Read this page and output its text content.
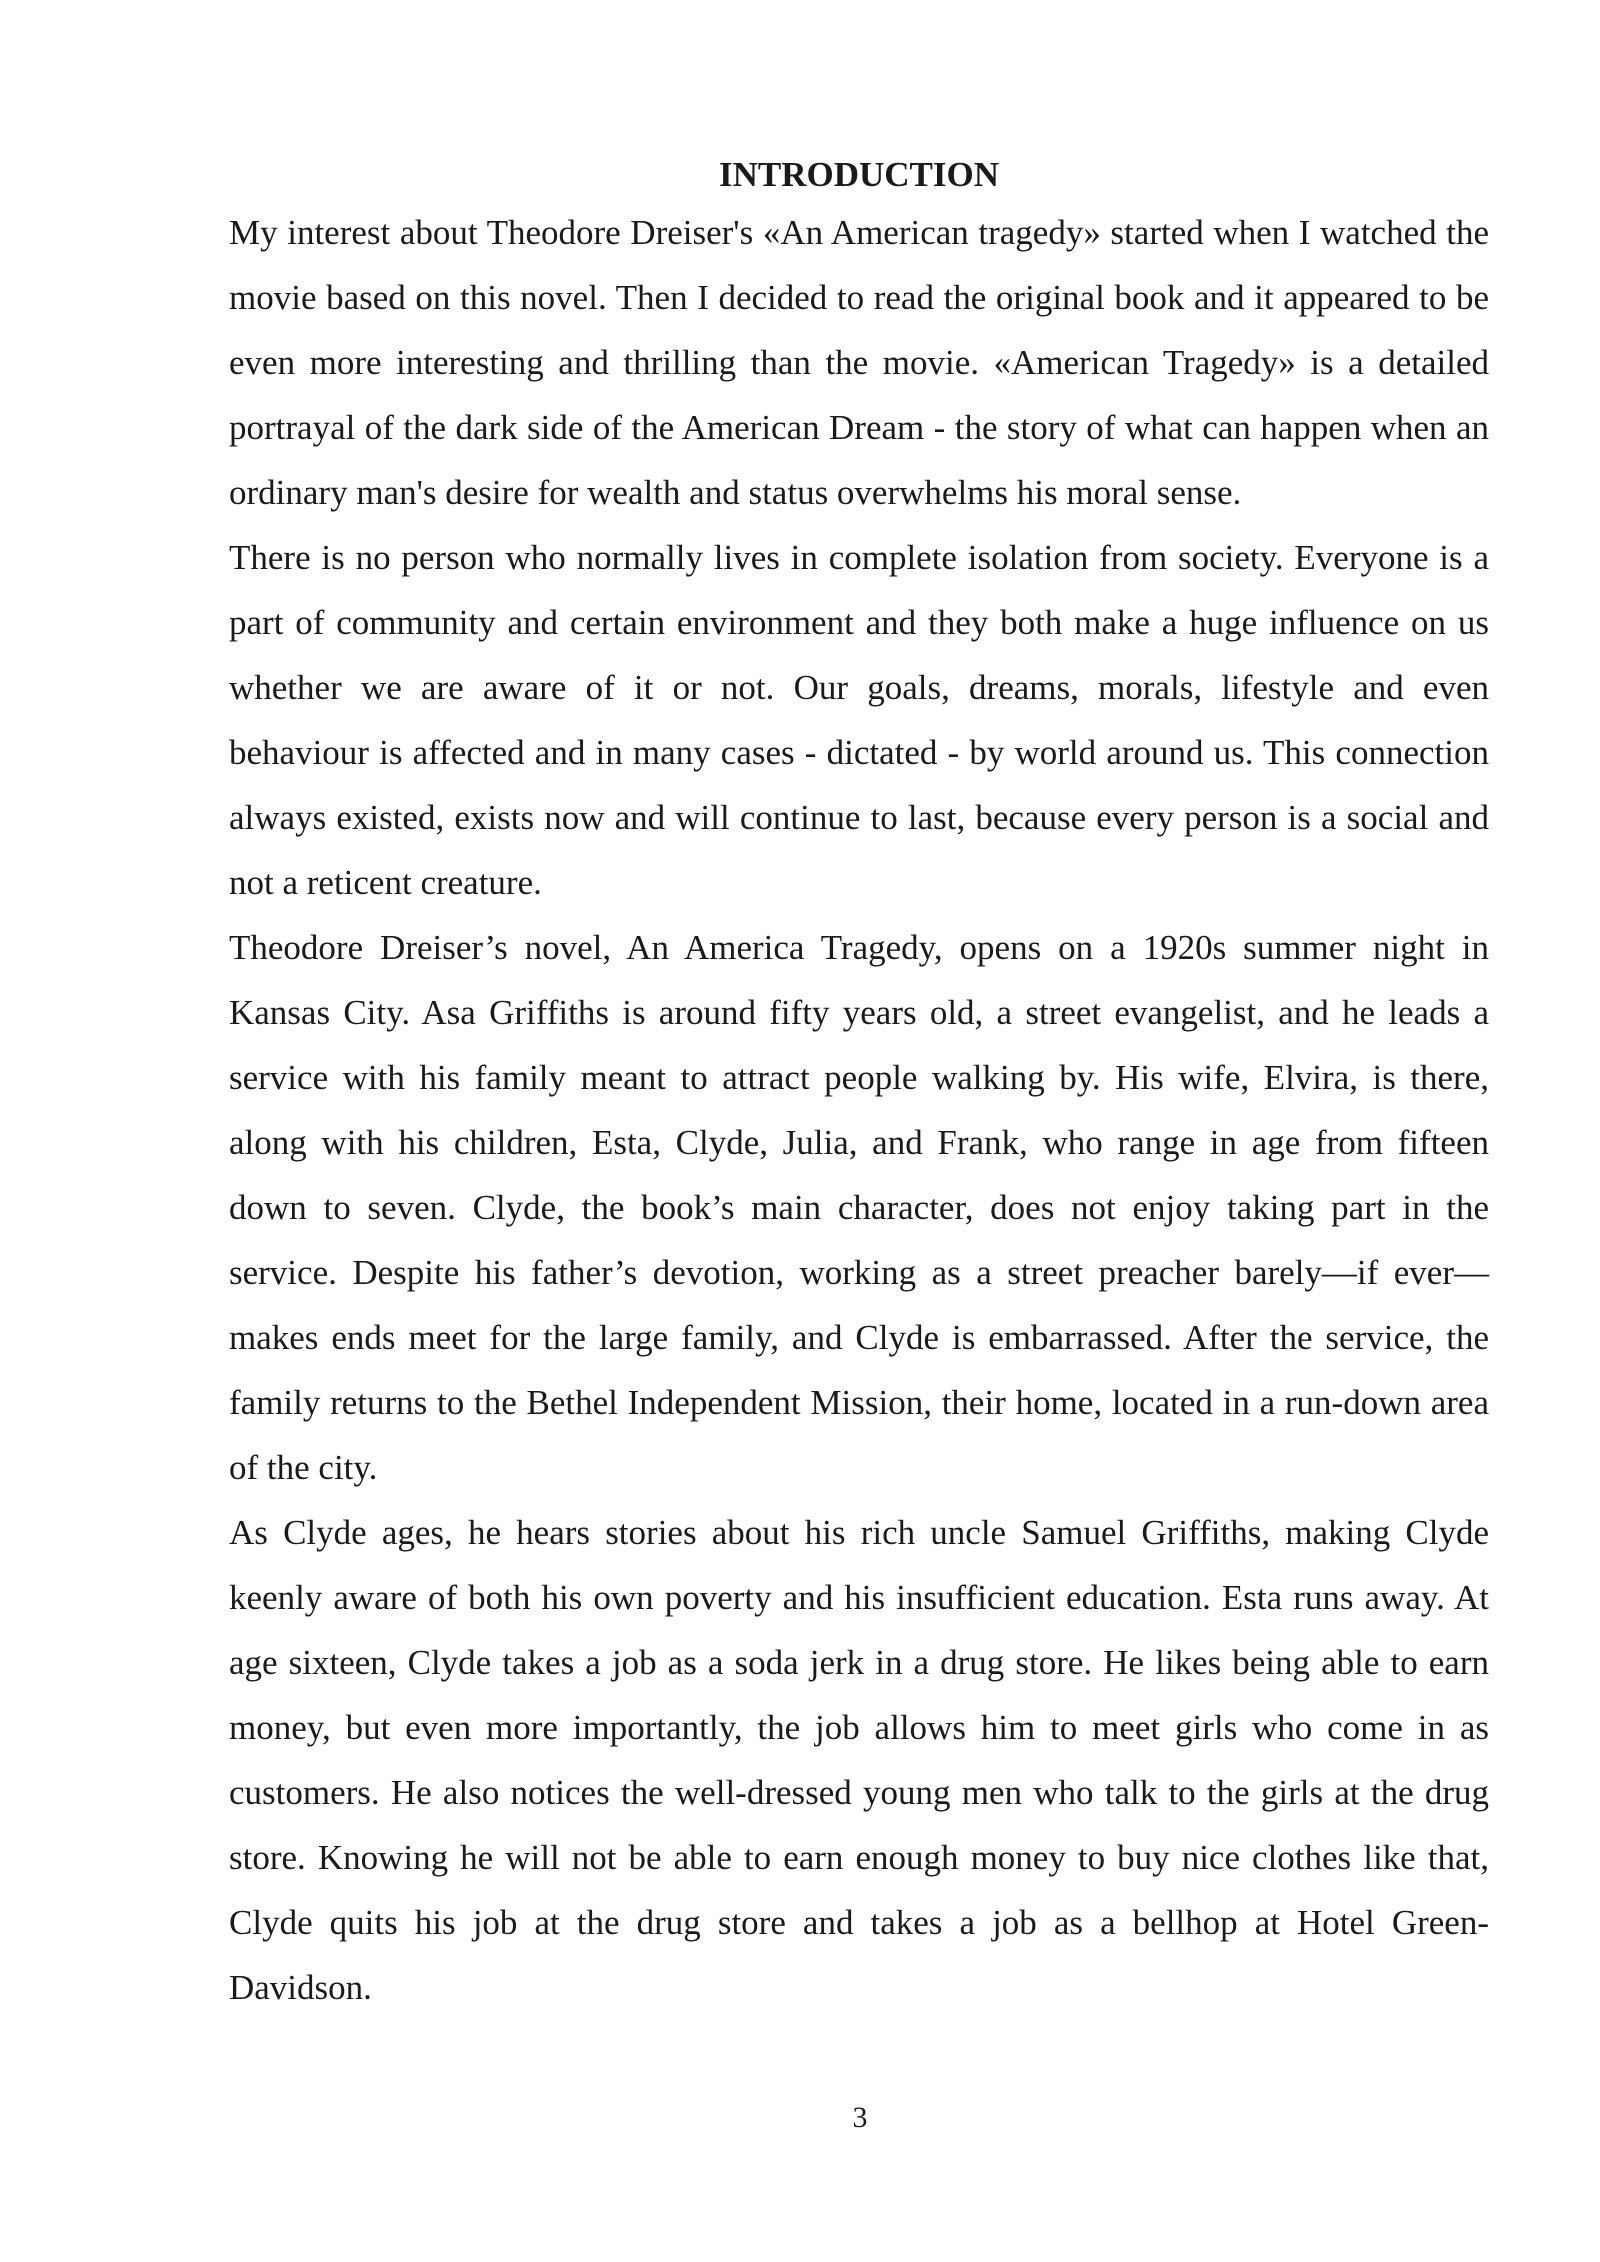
INTRODUCTION

My interest about Theodore Dreiser's «An American tragedy» started when I watched the movie based on this novel. Then I decided to read the original book and it appeared to be even more interesting and thrilling than the movie. «American Tragedy» is a detailed portrayal of the dark side of the American Dream - the story of what can happen when an ordinary man's desire for wealth and status overwhelms his moral sense.

There is no person who normally lives in complete isolation from society. Everyone is a part of community and certain environment and they both make a huge influence on us whether we are aware of it or not. Our goals, dreams, morals, lifestyle and even behaviour is affected and in many cases - dictated - by world around us. This connection always existed, exists now and will continue to last, because every person is a social and not a reticent creature.

Theodore Dreiser’s novel, An America Tragedy, opens on a 1920s summer night in Kansas City. Asa Griffiths is around fifty years old, a street evangelist, and he leads a service with his family meant to attract people walking by. His wife, Elvira, is there, along with his children, Esta, Clyde, Julia, and Frank, who range in age from fifteen down to seven. Clyde, the book’s main character, does not enjoy taking part in the service. Despite his father’s devotion, working as a street preacher barely—if ever—makes ends meet for the large family, and Clyde is embarrassed. After the service, the family returns to the Bethel Independent Mission, their home, located in a run-down area of the city.

As Clyde ages, he hears stories about his rich uncle Samuel Griffiths, making Clyde keenly aware of both his own poverty and his insufficient education. Esta runs away. At age sixteen, Clyde takes a job as a soda jerk in a drug store. He likes being able to earn money, but even more importantly, the job allows him to meet girls who come in as customers. He also notices the well-dressed young men who talk to the girls at the drug store. Knowing he will not be able to earn enough money to buy nice clothes like that, Clyde quits his job at the drug store and takes a job as a bellhop at Hotel Green-Davidson.

3
